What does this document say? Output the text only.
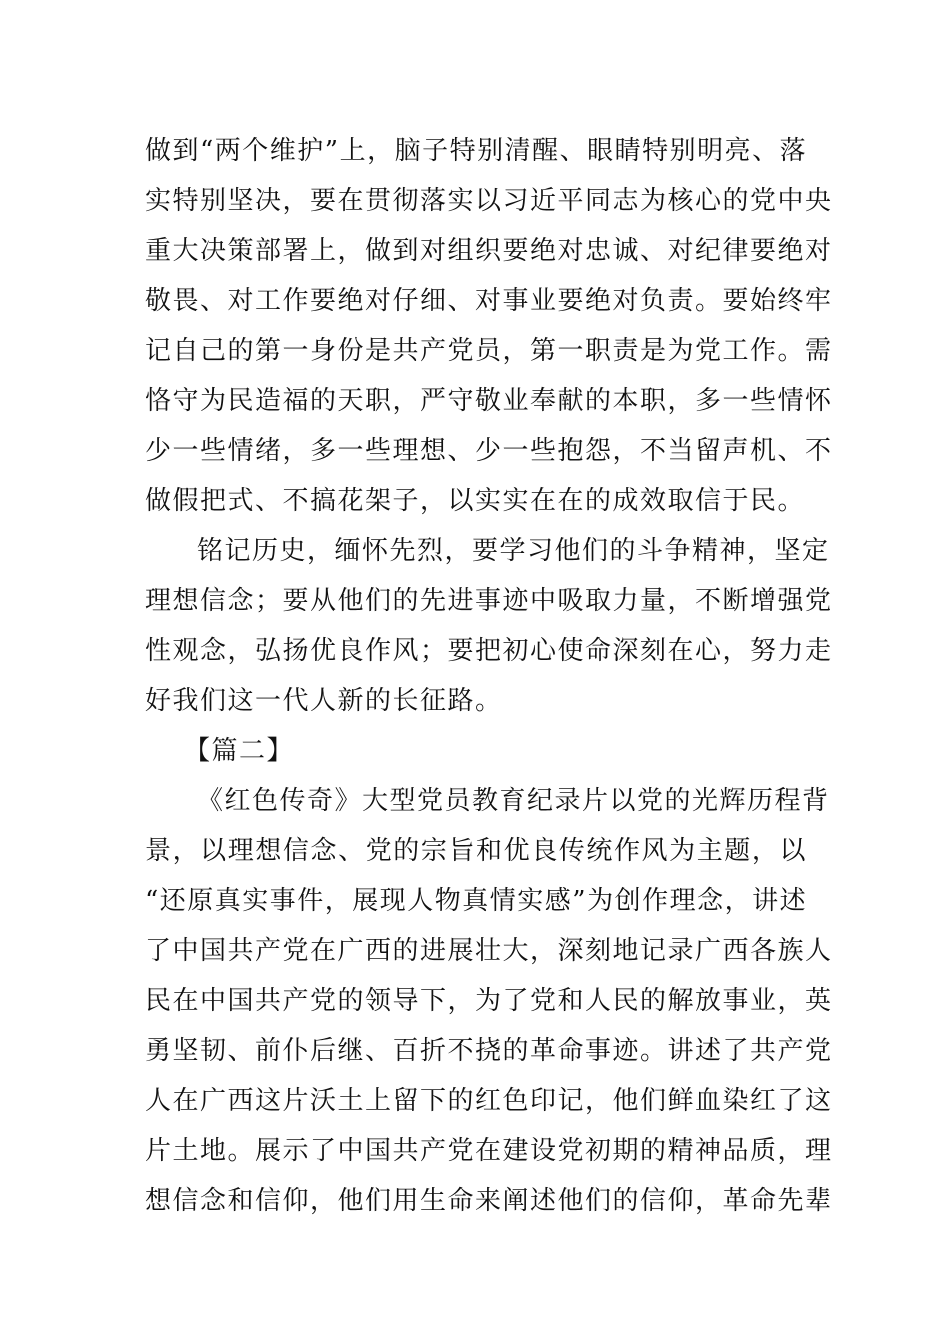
做到“两个维护”上，脑子特别清醒、眼睛特别明亮、落
实特别坚决，要在贯彻落实以习近平同志为核心的党中央
重大决策部署上，做到对组织要绝对忠诚、对纪律要绝对
敬畏、对工作要绝对仔细、对事业要绝对负责。要始终牢
记自己的第一身份是共产党员，第一职责是为党工作。需
恪守为民造福的天职，严守敬业奉献的本职，多一些情怀
少一些情绪，多一些理想、少一些抱怨，不当留声机、不
做假把式、不搞花架子，以实实在在的成效取信于民。
铭记历史，缅怀先烈，要学习他们的斗争精神，坚定
理想信念；要从他们的先进事迹中吸取力量，不断增强党
性观念，弘扬优良作风；要把初心使命深刻在心，努力走
好我们这一代人新的长征路。
【篇二】
《红色传奇》大型党员教育纪录片以党的光辉历程背
景，以理想信念、党的宗旨和优良传统作风为主题，以
“还原真实事件，展现人物真情实感”为创作理念，讲述
了中国共产党在广西的进展壮大，深刻地记录广西各族人
民在中国共产党的领导下，为了党和人民的解放事业，英
勇坚韧、前仆后继、百折不挠的革命事迹。讲述了共产党
人在广西这片沃土上留下的红色印记，他们鲜血染红了这
片土地。展示了中国共产党在建设党初期的精神品质，理
想信念和信仰，他们用生命来阐述他们的信仰，革命先辈
